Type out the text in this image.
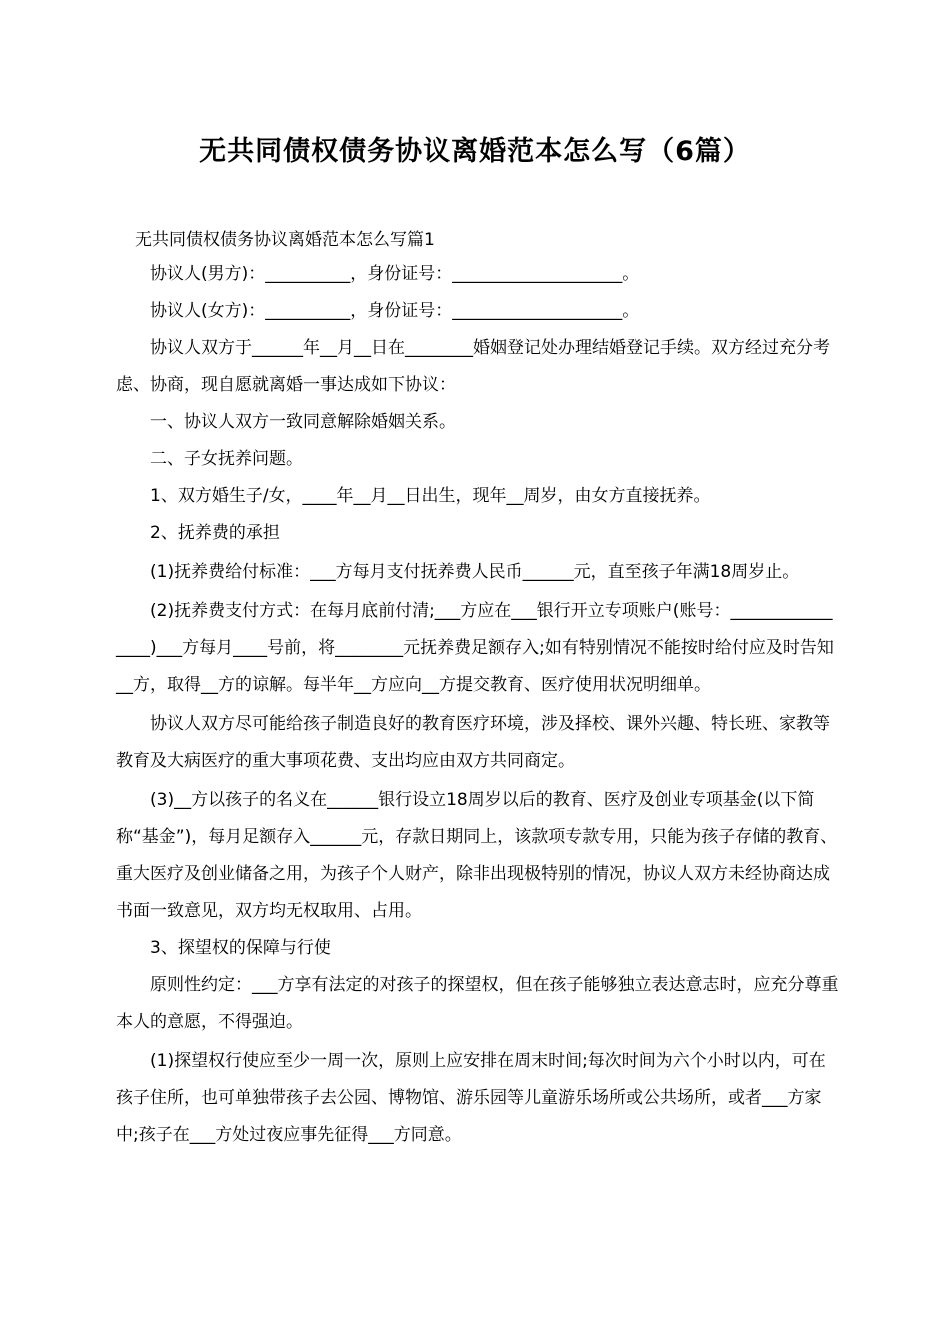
无共同债权债务协议离婚范本怎么写（6篇）
无共同债权债务协议离婚范本怎么写篇1

协议人(男方)：__________，身份证号：____________________。

协议人(女方)：__________，身份证号：____________________。

协议人双方于______年__月__日在________婚姻登记处办理结婚登记手续。双方经过充分考虑、协商，现自愿就离婚一事达成如下协议：

一、协议人双方一致同意解除婚姻关系。

二、子女抚养问题。

1、双方婚生子/女，____年__月__日出生，现年__周岁，由女方直接抚养。

2、抚养费的承担

(1)抚养费给付标准：___方每月支付抚养费人民币______元，直至孩子年满18周岁止。

(2)抚养费支付方式：在每月底前付清;___方应在___银行开立专项账户(账号：________________)___方每月____号前，将________元抚养费足额存入;如有特别情况不能按时给付应及时告知__方，取得__方的谅解。每半年__方应向__方提交教育、医疗使用状况明细单。

协议人双方尽可能给孩子制造良好的教育医疗环境，涉及择校、课外兴趣、特长班、家教等教育及大病医疗的重大事项花费、支出均应由双方共同商定。

(3)__方以孩子的名义在______银行设立18周岁以后的教育、医疗及创业专项基金(以下简称“基金”)，每月足额存入______元，存款日期同上，该款项专款专用，只能为孩子存储的教育、重大医疗及创业储备之用，为孩子个人财产，除非出现极特别的情况，协议人双方未经协商达成书面一致意见，双方均无权取用、占用。

3、探望权的保障与行使

原则性约定：___方享有法定的对孩子的探望权，但在孩子能够独立表达意志时，应充分尊重本人的意愿，不得强迫。

(1)探望权行使应至少一周一次，原则上应安排在周末时间;每次时间为六个小时以内，可在孩子住所，也可单独带孩子去公园、博物馆、游乐园等儿童游乐场所或公共场所，或者___方家中;孩子在___方处过夜应事先征得___方同意。
